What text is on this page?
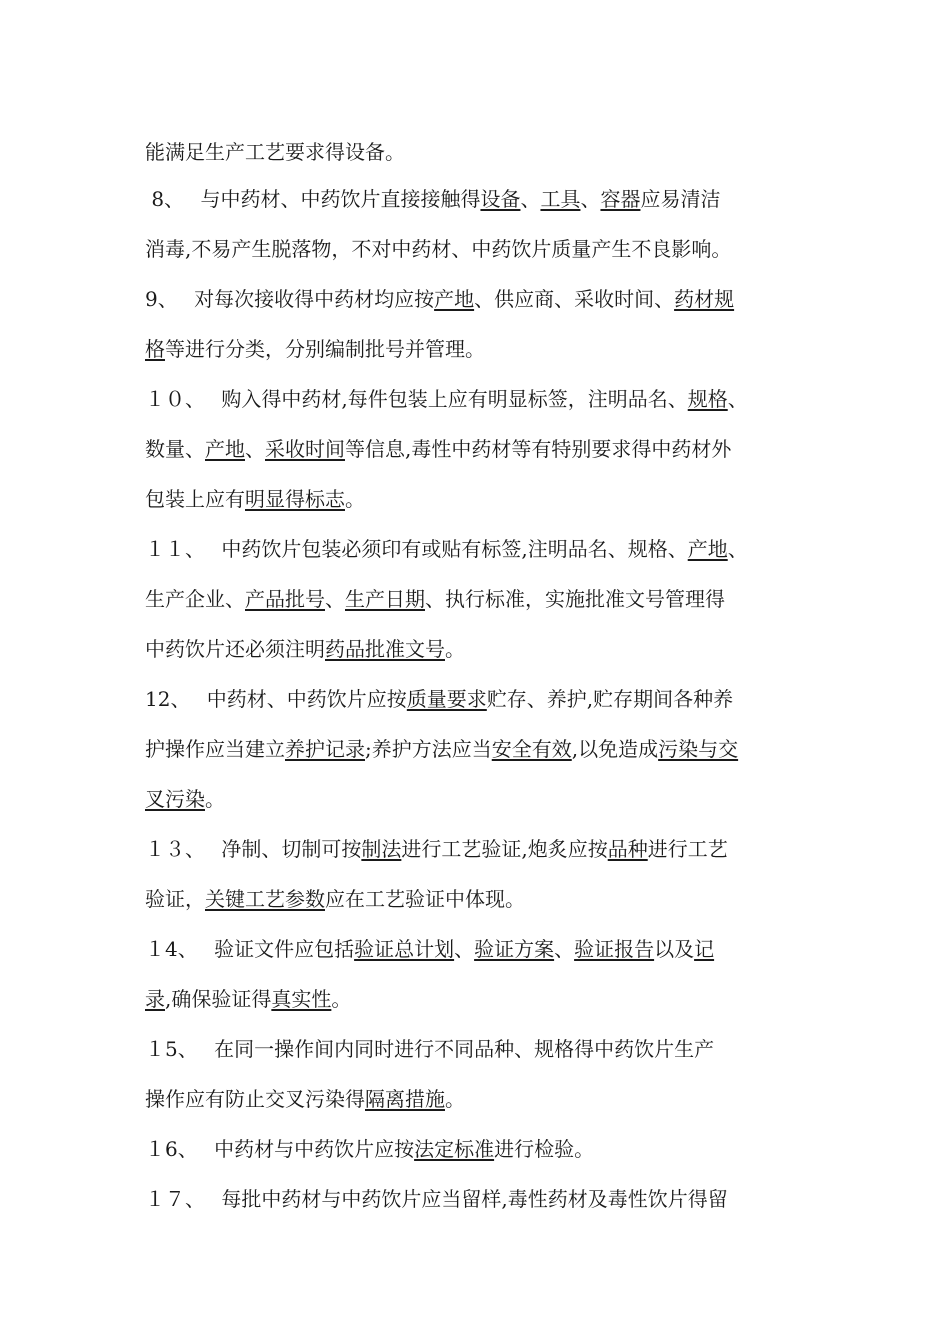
能满足生产工艺要求得设备。
8、　 与中药材、中药饮片直接接触得设备、工具、容器应易清洁
消毒,不易产生脱落物，不对中药材、中药饮片质量产生不良影响。
9、　 对每次接收得中药材均应按产地、供应商、采收时间、药材规
格等进行分类，分别编制批号并管理。
１０、　 购入得中药材,每件包装上应有明显标签，注明品名、规格、
数量、产地、采收时间等信息,毒性中药材等有特别要求得中药材外
包装上应有明显得标志。
１１、　 中药饮片包装必须印有或贴有标签,注明品名、规格、产地、
生产企业、产品批号、生产日期、执行标准，实施批准文号管理得
中药饮片还必须注明药品批准文号。
12、　 中药材、中药饮片应按质量要求贮存、养护,贮存期间各种养
护操作应当建立养护记录;养护方法应当安全有效,以免造成污染与交
叉污染。
１３、　 净制、切制可按制法进行工艺验证,炮炙应按品种进行工艺
验证，关键工艺参数应在工艺验证中体现。
１4、　 验证文件应包括验证总计划、验证方案、验证报告以及记
录,确保验证得真实性。
１5、　 在同一操作间内同时进行不同品种、规格得中药饮片生产
操作应有防止交叉污染得隔离措施。
１6、　 中药材与中药饮片应按法定标准进行检验。
１７、　 每批中药材与中药饮片应当留样,毒性药材及毒性饮片得留
